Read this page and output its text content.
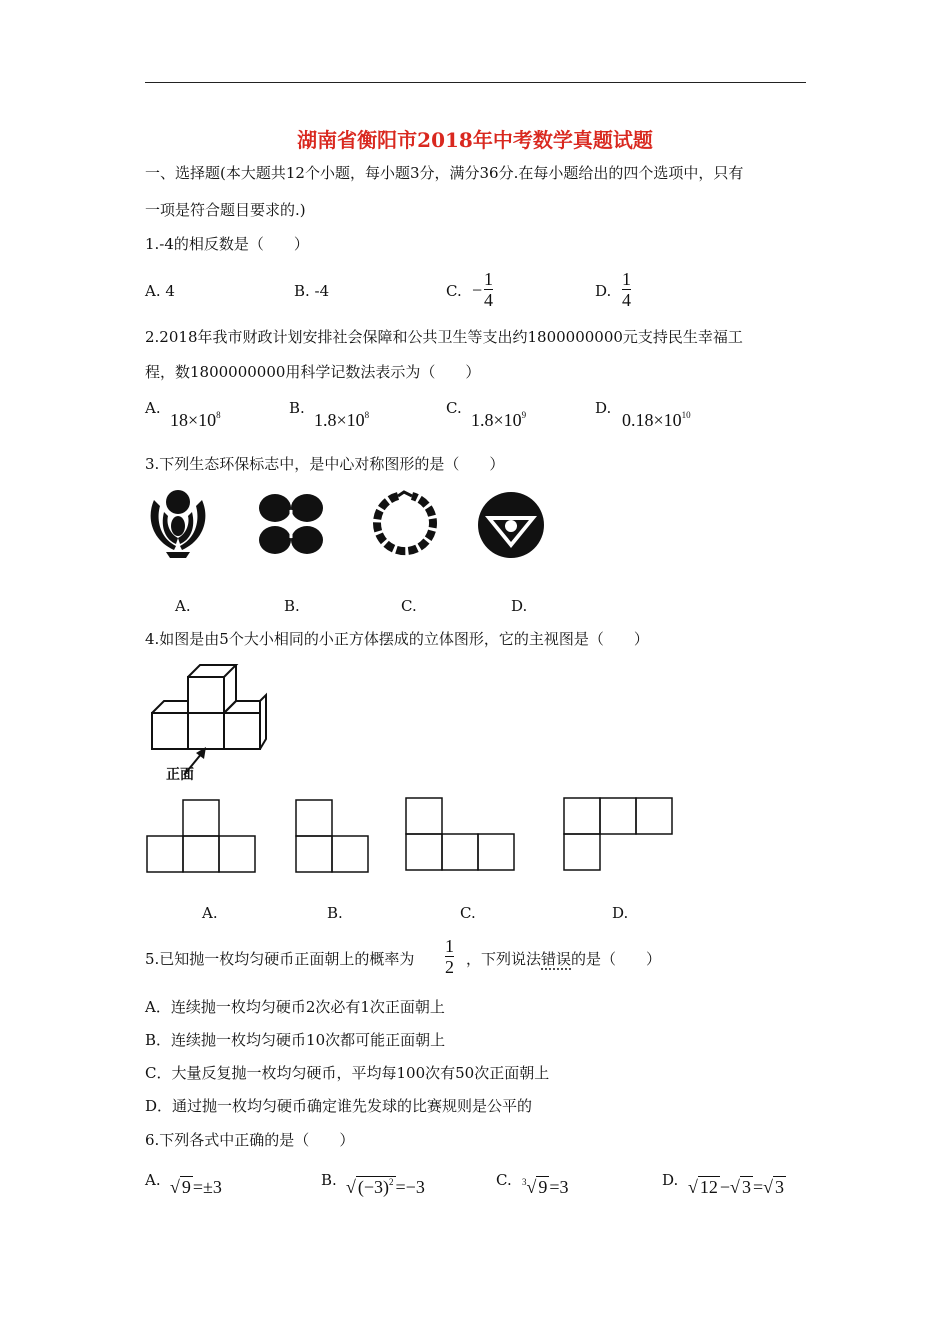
湖南省衡阳市2018年中考数学真题试题
一、选择题(本大题共12个小题，每小题3分，满分36分.在每小题给出的四个选项中，只有
一项是符合题目要求的.)
1.-4的相反数是（　　）
A. 4	B. -4	C. −
1
4	D.
1
4
2.2018年我市财政计划安排社会保障和公共卫生等支出约1800000000元支持民生幸福工
程，数1800000000用科学记数法表示为（　　）
A.
$18\times 10^8$	B.
$1.8\times 10^8$	C.
$1.8\times 10^9$	D.
$0.18\times 10^{10}$
3.下列生态环保标志中，是中心对称图形的是（　　）
A.	B.	C.	D.
4.如图是由5个大小相同的小正方体摆成的立体图形，它的主视图是（　　）
正面
A.	B.	C.	D.
5.已知抛一枚均匀硬币正面朝上的概率为
1
2 ，下列说法错误的是（　　）
A．连续抛一枚均匀硬币2次必有1次正面朝上
B．连续抛一枚均匀硬币10次都可能正面朝上
C．大量反复抛一枚均匀硬币，平均每100次有50次正面朝上
D．通过抛一枚均匀硬币确定谁先发球的比赛规则是公平的
6.下列各式中正确的是（　　）
A. √ 9 =±3	B. √ $(-3)^2 =-3$	C. $^3$√ 9 =3	D. √ 12 −√ 3 =√ 3
